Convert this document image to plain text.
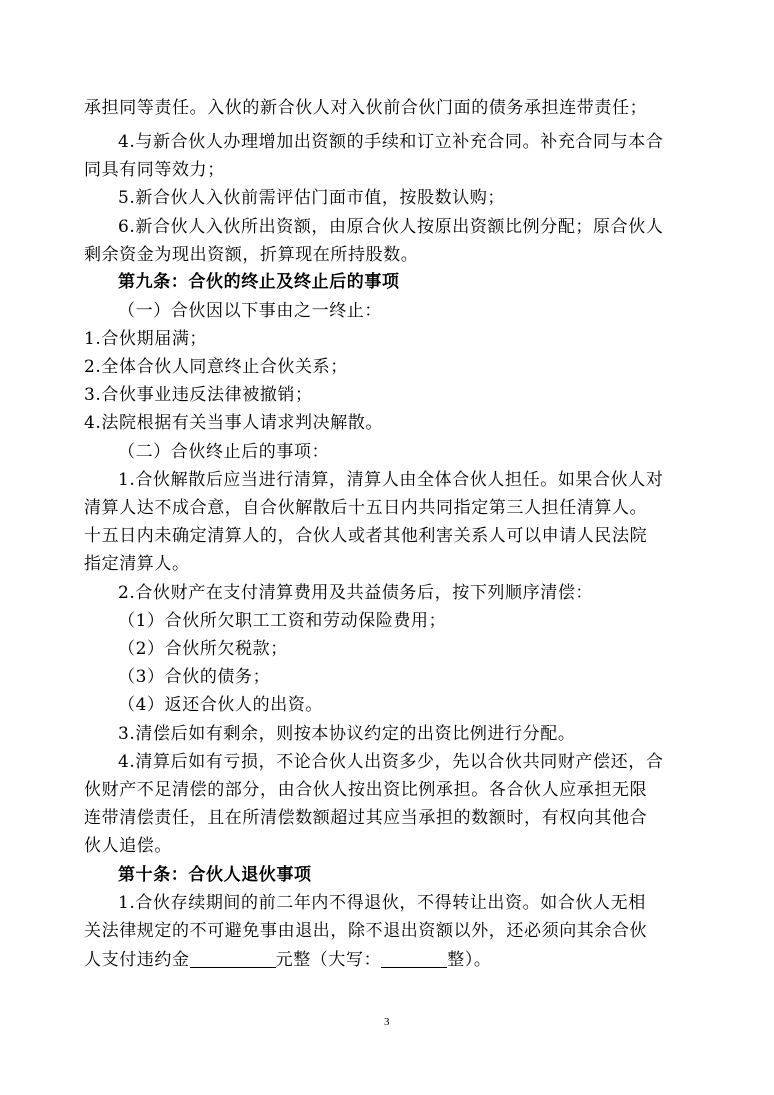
承担同等责任。入伙的新合伙人对入伙前合伙门面的债务承担连带责任；
4.与新合伙人办理增加出资额的手续和订立补充合同。补充合同与本合
同具有同等效力；
5.新合伙人入伙前需评估门面市值，按股数认购；
6.新合伙人入伙所出资额，由原合伙人按原出资额比例分配；原合伙人
剩余资金为现出资额，折算现在所持股数。
第九条：合伙的终止及终止后的事项
（一）合伙因以下事由之一终止：
1.合伙期届满；
2.全体合伙人同意终止合伙关系；
3.合伙事业违反法律被撤销；
4.法院根据有关当事人请求判决解散。
（二）合伙终止后的事项：
1.合伙解散后应当进行清算，清算人由全体合伙人担任。如果合伙人对
清算人达不成合意，自合伙解散后十五日内共同指定第三人担任清算人。
十五日内未确定清算人的，合伙人或者其他利害关系人可以申请人民法院
指定清算人。
2.合伙财产在支付清算费用及共益债务后，按下列顺序清偿：
（1）合伙所欠职工工资和劳动保险费用；
（2）合伙所欠税款；
（3）合伙的债务；
（4）返还合伙人的出资。
3.清偿后如有剩余，则按本协议约定的出资比例进行分配。
4.清算后如有亏损，不论合伙人出资多少，先以合伙共同财产偿还，合
伙财产不足清偿的部分，由合伙人按出资比例承担。各合伙人应承担无限
连带清偿责任，且在所清偿数额超过其应当承担的数额时，有权向其他合
伙人追偿。
第十条：合伙人退伙事项
1.合伙存续期间的前二年内不得退伙，不得转让出资。如合伙人无相
关法律规定的不可避免事由退出，除不退出资额以外，还必须向其余合伙
人支付违约金	元整（大写：	整）。
3
